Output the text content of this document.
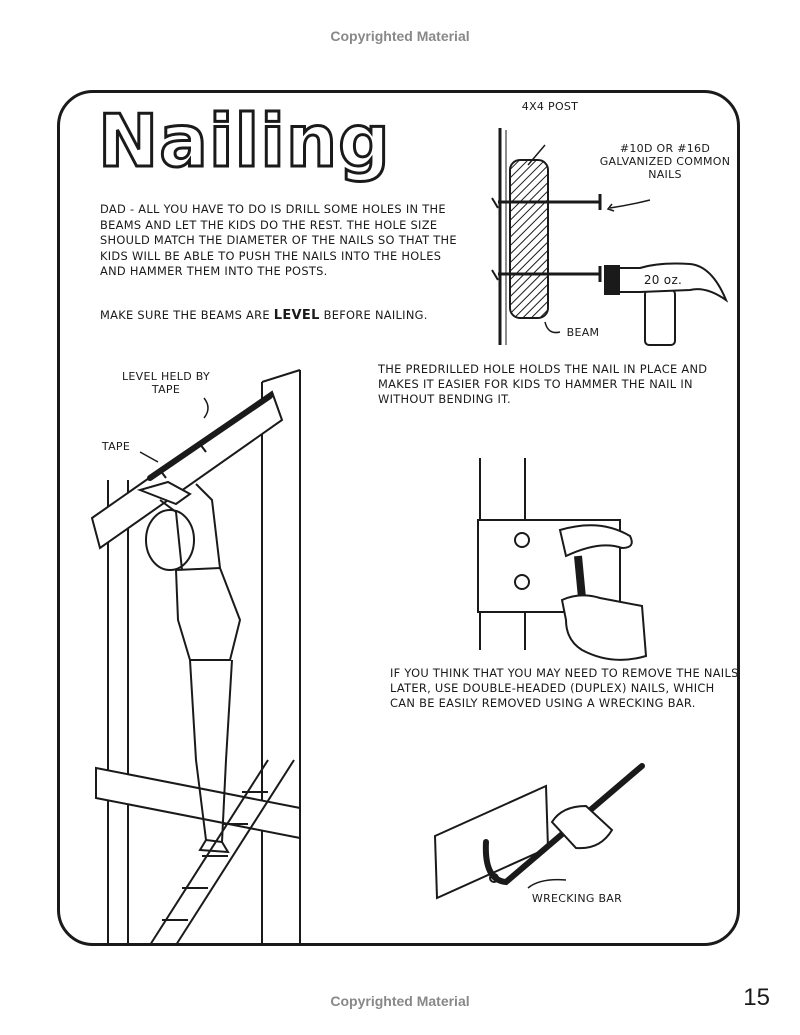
Copyrighted Material
Nailing

DAD - ALL YOU HAVE TO DO IS DRILL SOME HOLES IN THE BEAMS AND LET THE KIDS DO THE REST. THE HOLE SIZE SHOULD MATCH THE DIAMETER OF THE NAILS SO THAT THE KIDS WILL BE ABLE TO PUSH THE NAILS INTO THE HOLES AND HAMMER THEM INTO THE POSTS.

MAKE SURE THE BEAMS ARE LEVEL BEFORE NAILING.
4X4 POST
#10D OR #16D GALVANIZED COMMON NAILS
20 oz.
BEAM
LEVEL HELD BY TAPE
TAPE
THE PREDRILLED HOLE HOLDS THE NAIL IN PLACE AND MAKES IT EASIER FOR KIDS TO HAMMER THE NAIL IN WITHOUT BENDING IT.
IF YOU THINK THAT YOU MAY NEED TO REMOVE THE NAILS LATER, USE DOUBLE-HEADED (DUPLEX) NAILS, WHICH CAN BE EASILY REMOVED USING A WRECKING BAR.
WRECKING BAR
Copyrighted Material	15
